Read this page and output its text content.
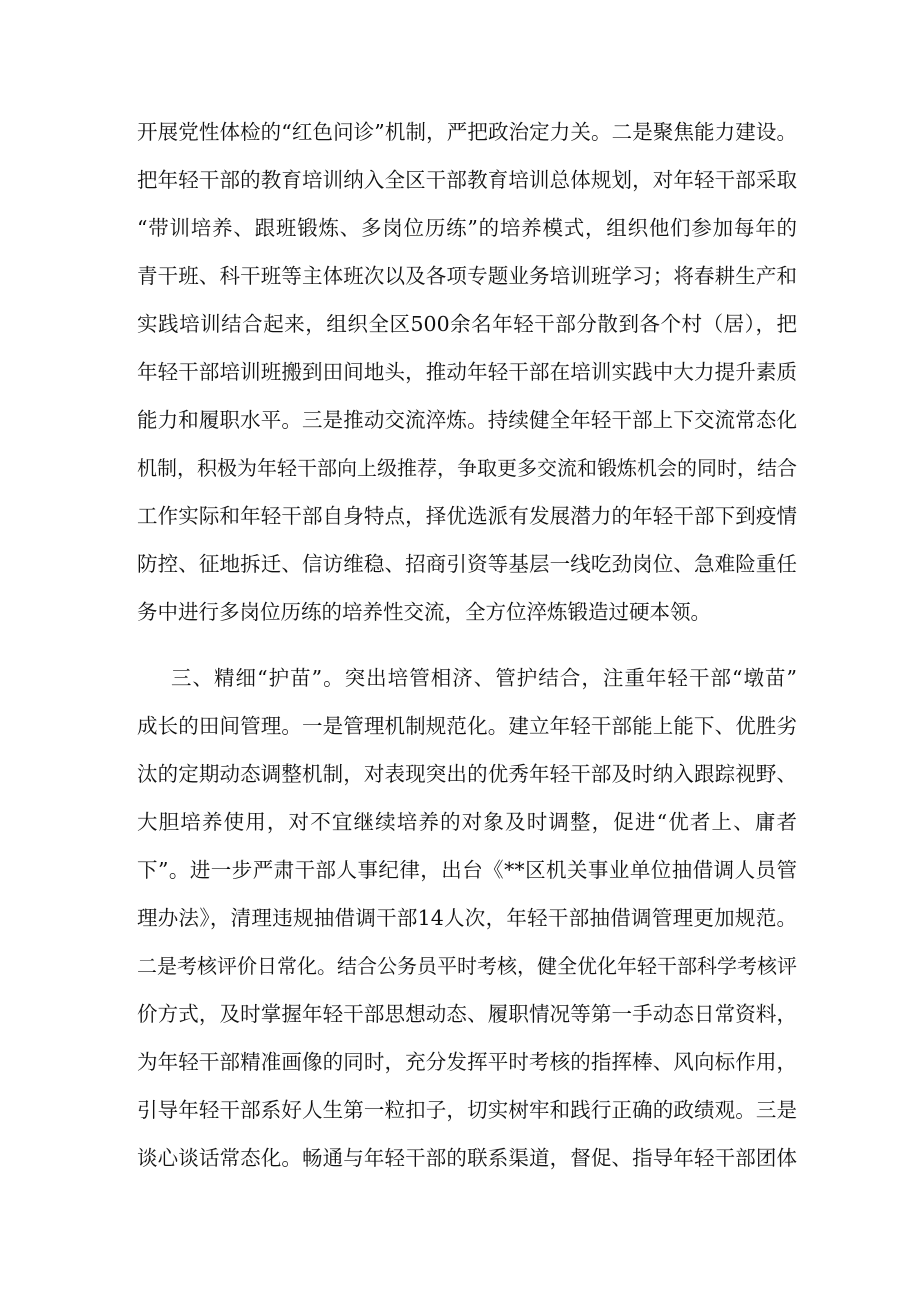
开展党性体检的“红色问诊”机制，严把政治定力关。二是聚焦能力建设。
把年轻干部的教育培训纳入全区干部教育培训总体规划，对年轻干部采取
“带训培养、跟班锻炼、多岗位历练”的培养模式，组织他们参加每年的
青干班、科干班等主体班次以及各项专题业务培训班学习；将春耕生产和
实践培训结合起来，组织全区500余名年轻干部分散到各个村（居），把
年轻干部培训班搬到田间地头，推动年轻干部在培训实践中大力提升素质
能力和履职水平。三是推动交流淬炼。持续健全年轻干部上下交流常态化
机制，积极为年轻干部向上级推荐，争取更多交流和锻炼机会的同时，结合
工作实际和年轻干部自身特点，择优选派有发展潜力的年轻干部下到疫情
防控、征地拆迁、信访维稳、招商引资等基层一线吃劲岗位、急难险重任
务中进行多岗位历练的培养性交流，全方位淬炼锻造过硬本领。
三、精细“护苗”。突出培管相济、管护结合，注重年轻干部“墩苗”
成长的田间管理。一是管理机制规范化。建立年轻干部能上能下、优胜劣
汰的定期动态调整机制，对表现突出的优秀年轻干部及时纳入跟踪视野、
大胆培养使用，对不宜继续培养的对象及时调整，促进“优者上、庸者
下”。进一步严肃干部人事纪律，出台《**区机关事业单位抽借调人员管
理办法》，清理违规抽借调干部14人次，年轻干部抽借调管理更加规范。
二是考核评价日常化。结合公务员平时考核，健全优化年轻干部科学考核评
价方式，及时掌握年轻干部思想动态、履职情况等第一手动态日常资料，
为年轻干部精准画像的同时，充分发挥平时考核的指挥棒、风向标作用，
引导年轻干部系好人生第一粒扣子，切实树牢和践行正确的政绩观。三是
谈心谈话常态化。畅通与年轻干部的联系渠道，督促、指导年轻干部团体
